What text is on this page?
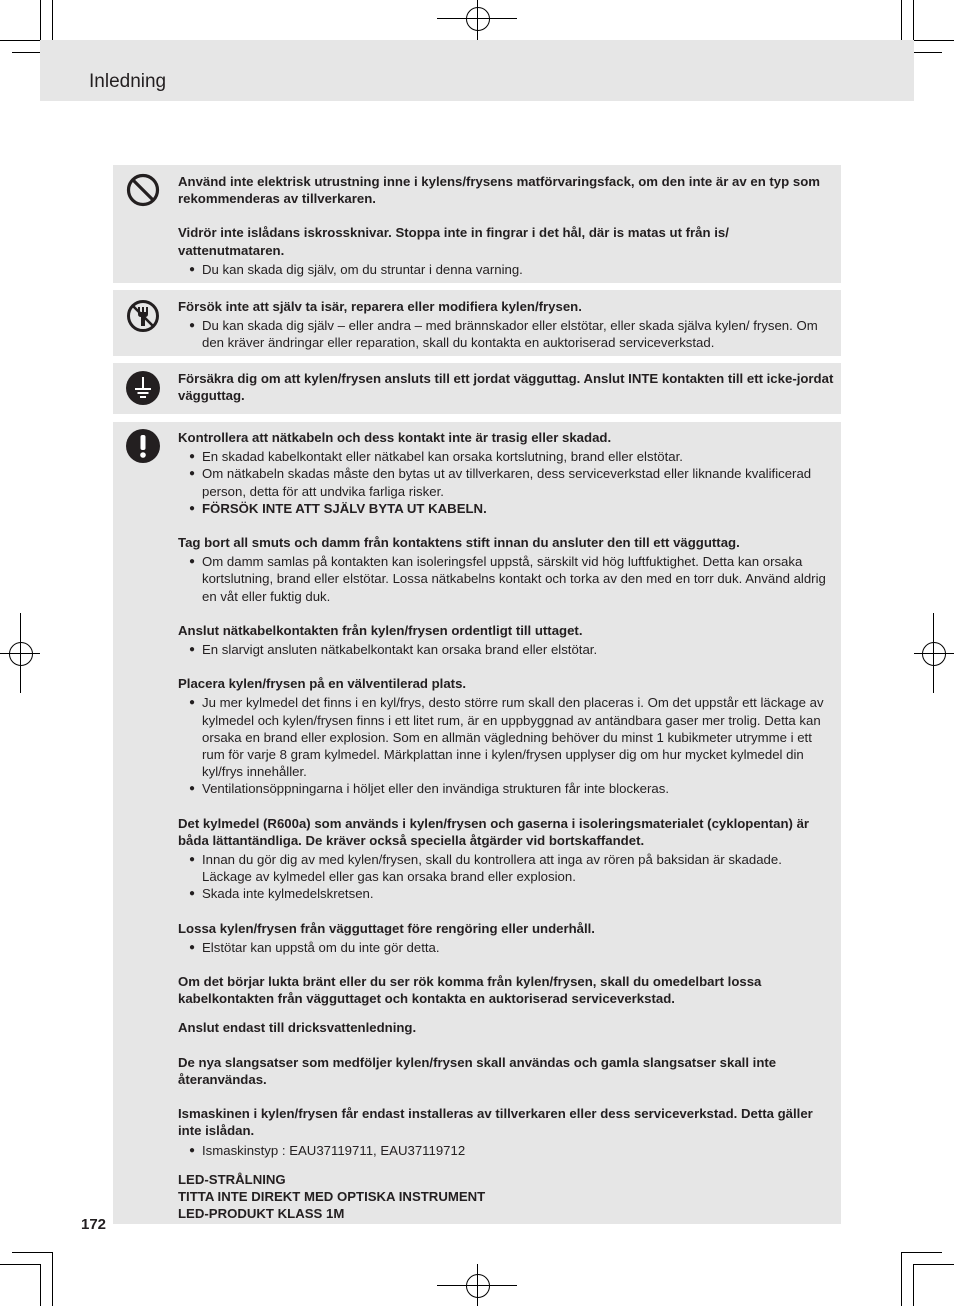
Inledning

Använd inte elektrisk utrustning inne i kylens/frysens matförvaringsfack, om den inte är av en typ som rekommenderas av tillverkaren.

Vidrör inte islådans iskrossknivar. Stoppa inte in fingrar i det hål, där is matas ut från is/ vattenutmataren.

● Du kan skada dig själv, om du struntar i denna varning.

Försök inte att själv ta isär, reparera eller modifiera kylen/frysen.

● Du kan skada dig själv – eller andra – med brännskador eller elstötar, eller skada själva kylen/ frysen. Om den kräver ändringar eller reparation, skall du kontakta en auktoriserad serviceverkstad.

Försäkra dig om att kylen/frysen ansluts till ett jordat vägguttag. Anslut INTE kontakten till ett icke-jordat vägguttag.

Kontrollera att nätkabeln och dess kontakt inte är trasig eller skadad.

● En skadad kabelkontakt eller nätkabel kan orsaka kortslutning, brand eller elstötar.
● Om nätkabeln skadas måste den bytas ut av tillverkaren, dess serviceverkstad eller liknande kvalificerad person, detta för att undvika farliga risker.
● FÖRSÖK INTE ATT SJÄLV BYTA UT KABELN.

Tag bort all smuts och damm från kontaktens stift innan du ansluter den till ett vägguttag.

● Om damm samlas på kontakten kan isoleringsfel uppstå, särskilt vid hög luftfuktighet. Detta kan orsaka kortslutning, brand eller elstötar. Lossa nätkabelns kontakt och torka av den med en torr duk. Använd aldrig en våt eller fuktig duk.

Anslut nätkabelkontakten från kylen/frysen ordentligt till uttaget.

● En slarvigt ansluten nätkabelkontakt kan orsaka brand eller elstötar.

Placera kylen/frysen på en välventilerad plats.

● Ju mer kylmedel det finns i en kyl/frys, desto större rum skall den placeras i. Om det uppstår ett läckage av kylmedel och kylen/frysen finns i ett litet rum, är en uppbyggnad av antändbara gaser mer trolig. Detta kan orsaka en brand eller explosion. Som en allmän vägledning behöver du minst 1 kubikmeter utrymme i ett rum för varje 8 gram kylmedel. Märkplattan inne i kylen/frysen upplyser dig om hur mycket kylmedel din kyl/frys innehåller.
● Ventilationsöppningarna i höljet eller den invändiga strukturen får inte blockeras.

Det kylmedel (R600a) som används i kylen/frysen och gaserna i isoleringsmaterialet (cyklopentan) är båda lättantändliga. De kräver också speciella åtgärder vid bortskaffandet.

● Innan du gör dig av med kylen/frysen, skall du kontrollera att inga av rören på baksidan är skadade. Läckage av kylmedel eller gas kan orsaka brand eller explosion.
● Skada inte kylmedelskretsen.

Lossa kylen/frysen från vägguttaget före rengöring eller underhåll.

● Elstötar kan uppstå om du inte gör detta.

Om det börjar lukta bränt eller du ser rök komma från kylen/frysen, skall du omedelbart lossa kabelkontakten från vägguttaget och kontakta en auktoriserad serviceverkstad.

Anslut endast till dricksvattenledning.

De nya slangsatser som medföljer kylen/frysen skall användas och gamla slangsatser skall inte återanvändas.

Ismaskinen i kylen/frysen får endast installeras av tillverkaren eller dess serviceverkstad. Detta gäller inte islådan.

● Ismaskinstyp : EAU37119711, EAU37119712

LED-STRÅLNING

TITTA INTE DIREKT MED OPTISKA INSTRUMENT

LED-PRODUKT KLASS 1M

172
